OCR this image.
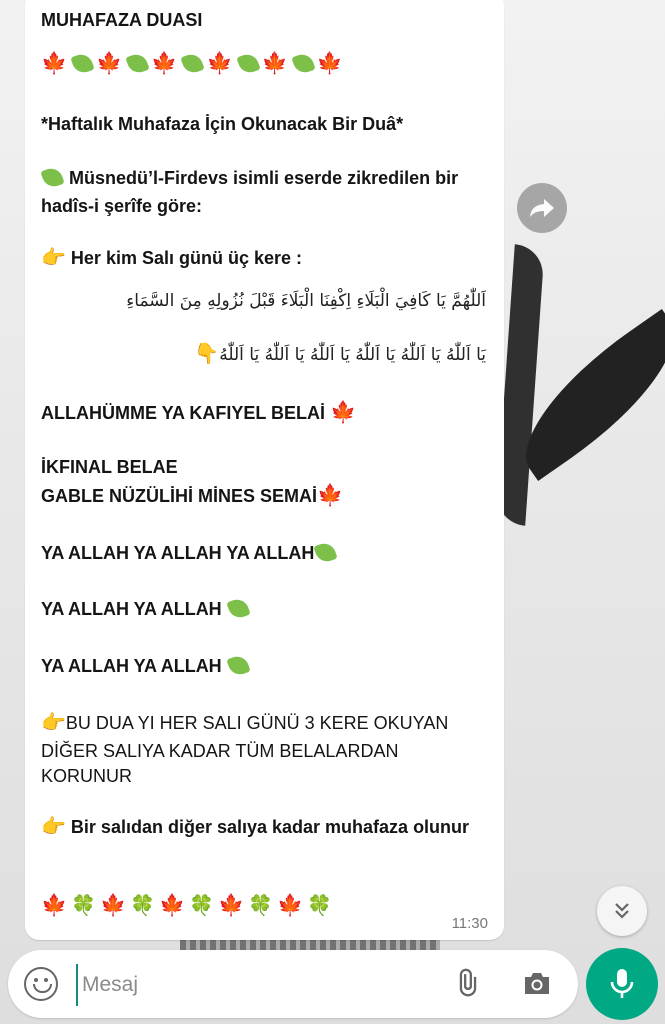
MUHAFAZA DUASI
🍁 🍁 🍁 🍁 🍁 🍁
*Haftalık Muhafaza İçin Okunacak Bir Duâ*
Müsnedü’l-Firdevs isimli eserde zikredilen bir
hadîs-i şerîfe göre:
👉 Her kim Salı günü üç kere :
اَللّٰهُمَّ يَا كَافِيَ الْبَلَاءِ اِكْفِنَا الْبَلَاءَ قَبْلَ نُزُولِهِ مِنَ السَّمَاءِ
يَا اَللّٰهُ يَا اَللّٰهُ يَا اَللّٰهُ يَا اَللّٰهُ يَا اَللّٰهُ يَا اَللّٰهُ👇
ALLAHÜMME YA KAFIYEL BELAİ 🍁
İKFINAL BELAE
GABLE NÜZÜLİHİ MİNES SEMAİ🍁
YA ALLAH YA ALLAH YA ALLAH
YA ALLAH YA ALLAH
YA ALLAH YA ALLAH
👉BU DUA YI HER SALI GÜNÜ 3 KERE OKUYAN
DİĞER SALIYA KADAR TÜM BELALARDAN
KORUNUR
👉 Bir salıdan diğer salıya kadar muhafaza olunur
🍁 🍀 🍁 🍀 🍁 🍀 🍁 🍀 🍁 🍀
11:30
Mesaj
